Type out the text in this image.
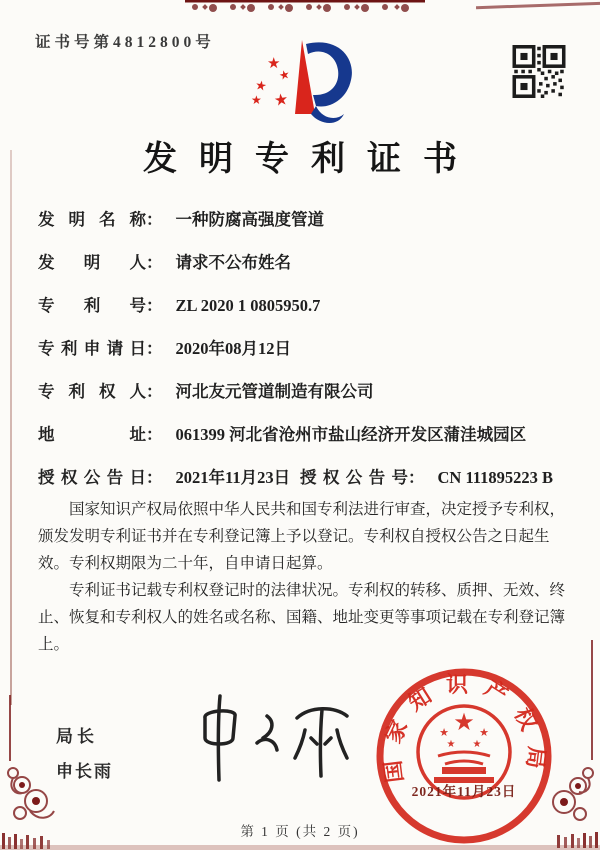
证书号第4812800号
★
★
★
★
★
发明专利证书
发明名称： 一种防腐高强度管道
发明人： 请求不公布姓名
专利号： ZL 2020 1 0805950.7
专利申请日： 2020年08月12日
专利权人： 河北友元管道制造有限公司
地址： 061399 河北省沧州市盐山经济开发区蒲洼城园区
授权公告日： 2021年11月23日 授权公告号： CN 111895223 B

国家知识产权局依照中华人民共和国专利法进行审查，决定授予专利权，颁发发明专利证书并在专利登记簿上予以登记。专利权自授权公告之日起生效。专利权期限为二十年，自申请日起算。

专利证书记载专利权登记时的法律状况。专利权的转移、质押、无效、终止、恢复和专利权人的姓名或名称、国籍、地址变更等事项记载在专利登记簿上。

局长
申长雨	国家知识产权局
★
★	★
★ ★
2021年11月23日
第 1 页 (共 2 页)
